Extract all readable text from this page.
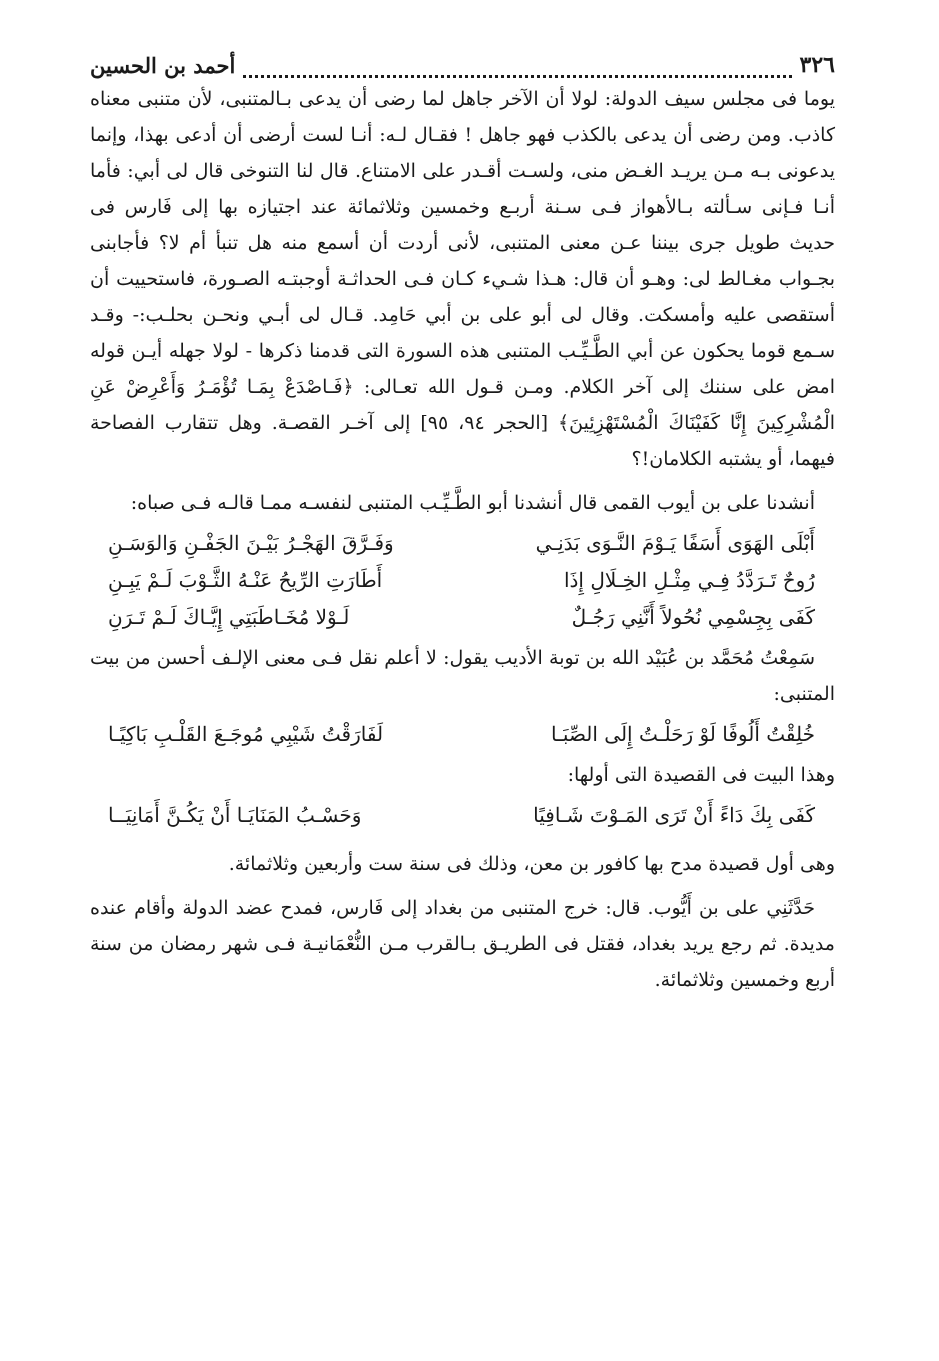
٣٢٦
أحمد بن الحسين

يوما فى مجلس سيف الدولة: لولا أن الآخر جاهل لما رضى أن يدعى بـالمتنبى، لأن متنبى معناه كاذب. ومن رضى أن يدعى بالكذب فهو جاهل ! فقـال لـه: أنـا لست أرضى أن أدعى بهذا، وإنما يدعونى بـه مـن يريـد الغـض منى، ولسـت أقـدر على الامتناع. قال لنا التنوخى قال لى أبي: فأما أنـا فـإنى سـألته بـالأهواز فـى سـنة أربـع وخمسين وثلاثمائة عند اجتيازه بها إلى فَارس فى حديث طويل جرى بيننا عـن معنى المتنبى، لأنى أردت أن أسمع منه هل تنبأ أم لا؟ فأجابنى بجـواب مغـالط لى: وهـو أن قال: هـذا شـيء كـان فـى الحداثـة أوجبتـه الصـورة، فاستحييت أن أستقصى عليه وأمسكت. وقال لى أبو على بن أبي حَامِد. قـال لى أبـي ونحـن بحلـب:- وقـد سـمع قوما يحكون عن أبي الطَّـيِّـب المتنبى هذه السورة التى قدمنا ذكرها - لولا جهله أيـن قوله امض على سننك إلى آخر الكلام. ومـن قـول الله تعـالى: ﴿فَـاصْدَعْ بِمَـا تُؤْمَـرُ وَأَعْرِضْ عَنِ الْمُشْرِكِينَ إِنَّا كَفَيْنَاكَ الْمُسْتَهْزِئِينَ﴾ [الحجر ٩٤، ٩٥] إلى آخـر القصـة. وهل تتقارب الفصاحة فيهما، أو يشتبه الكلامان!؟

أنشدنا على بن أيوب القمى قال أنشدنا أبو الطَّـيِّـب المتنبى لنفسـه ممـا قالـه فـى صباه:

أَبْلَى الهَوَى أَسَفًا يَـوْمَ النَّـوَى بَدَنِـي
وَفَـرَّقَ الهَجْـرُ بَيْـنَ الجَفْـنِ وَالوَسَـنِ
رُوحٌ تَـرَدَّدُ فِـي مِثْـلِ الخِـلَالِ إِذَا
أَطَارَتِ الرِّيحُ عَنْـهُ الثَّـوْبَ لَـمْ يَبِـنِ
كَفَى بِجِسْمِي نُحُولاً أَنَّنِي رَجُـلٌ
لَـوْلا مُخَـاطَبَتِي إِيَّـاكَ لَـمْ تَـرَنِ

سَمِعْتُ مُحَمَّد بن عُبَيْد الله بن توبة الأديب يقول: لا أعلم نقل فـى معنى الإلـف أحسن من بيت المتنبى:

خُلِقْتُ أَلُوفًا لَوْ رَحَلْـتُ إِلَى الصِّبَـا
لَفَارَقْتُ شَيْبِي مُوجَـعَ القَلْـبِ بَاكِيًـا

وهذا البيت فى القصيدة التى أولها:

كَفَى بِكَ دَاءً أَنْ تَرَى المَـوْتَ شَـافِيًا
وَحَسْـبُ المَنَايَـا أَنْ يَكُـنَّ أَمَانِيَــا

وهى أول قصيدة مدح بها كافور بن معن، وذلك فى سنة ست وأربعين وثلاثمائة.

حَدَّثَنِي على بن أَيُّوب. قال: خرج المتنبى من بغداد إلى فَارس، فمدح عضد الدولة وأقام عنده مديدة. ثم رجع يريد بغداد، فقتل فى الطريـق بـالقرب مـن النُّعْمَانيـة فـى شهر رمضان من سنة أربع وخمسين وثلاثمائة.
